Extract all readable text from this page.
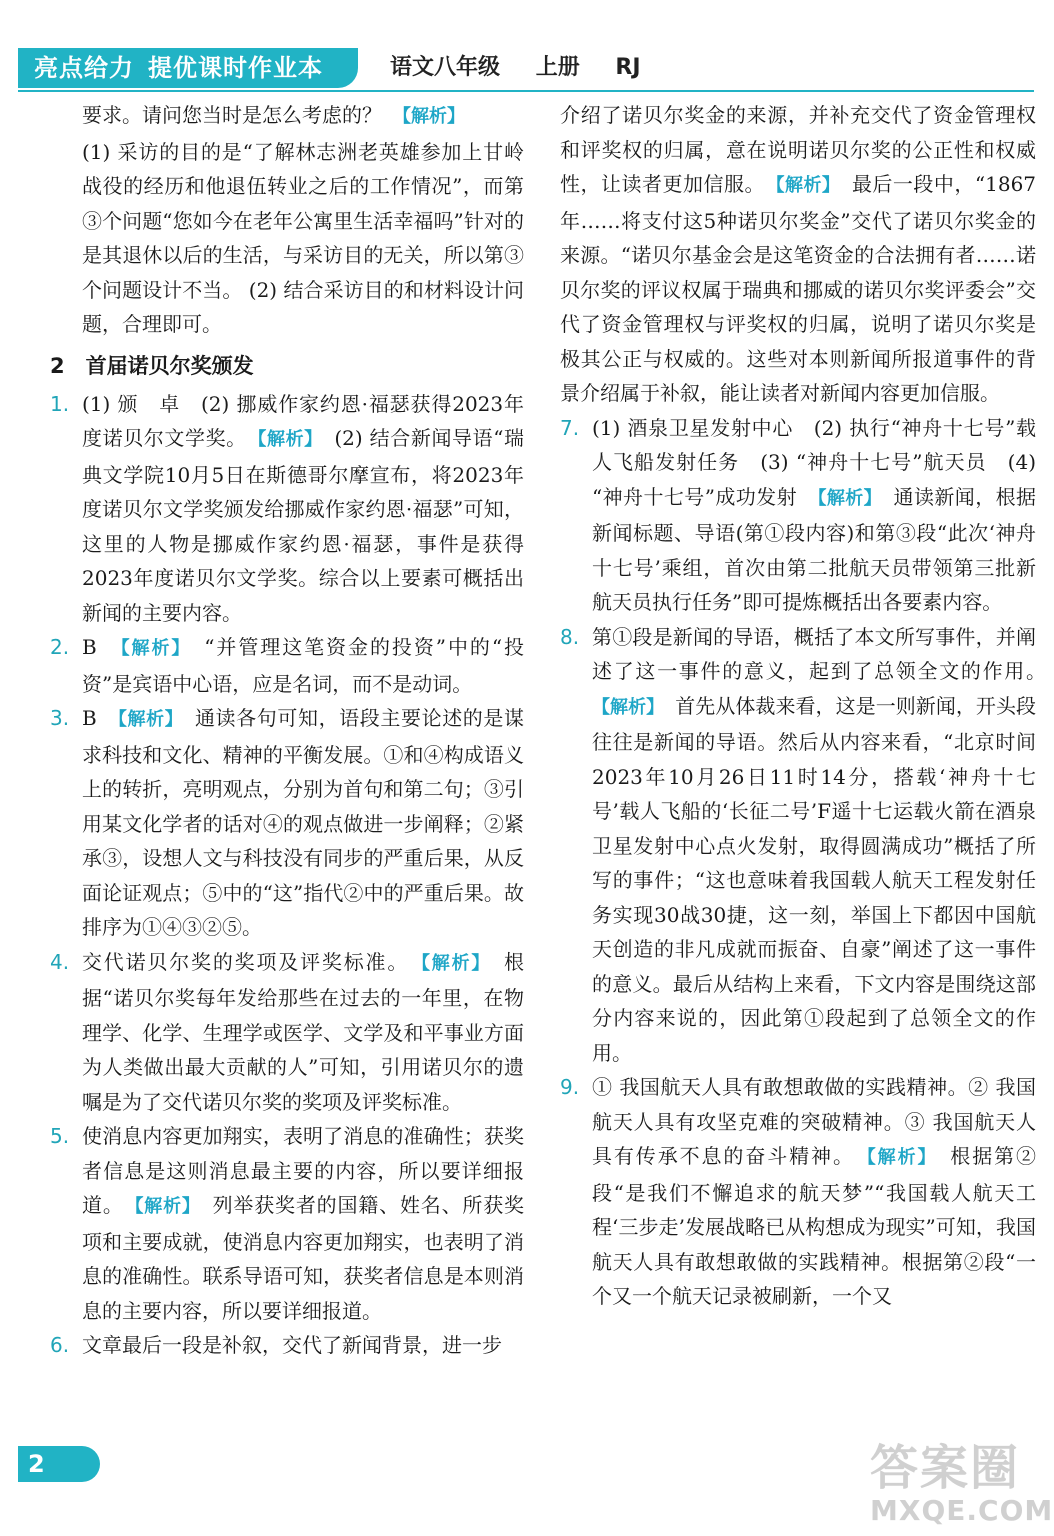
亮点给力 提优课时作业本	语文八年级 上册 RJ

要求。请问您当时是怎么考虑的？　 【解析】

(1) 采访的目的是“了解林志洲老英雄参加上甘岭战役的经历和他退伍转业之后的工作情况”，而第③个问题“您如今在老年公寓里生活幸福吗”针对的是其退休以后的生活，与采访目的无关，所以第③个问题设计不当。 (2) 结合采访目的和材料设计问题，合理即可。

2　首届诺贝尔奖颁发

1. (1) 颁　卓　(2) 挪威作家约恩·福瑟获得2023年度诺贝尔文学奖。　 【解析】　 (2) 结合新闻导语“瑞典文学院10月5日在斯德哥尔摩宣布，将2023年度诺贝尔文学奖颁发给挪威作家约恩·福瑟”可知，这里的人物是挪威作家约恩·福瑟，事件是获得2023年度诺贝尔文学奖。综合以上要素可概括出新闻的主要内容。

2. B　 【解析】　 “并管理这笔资金的投资”中的“投资”是宾语中心语，应是名词，而不是动词。

3. B　 【解析】　 通读各句可知，语段主要论述的是谋求科技和文化、精神的平衡发展。①和④构成语义上的转折，亮明观点，分别为首句和第二句；③引用某文化学者的话对④的观点做进一步阐释；②紧承③，设想人文与科技没有同步的严重后果，从反面论证观点；⑤中的“这”指代②中的严重后果。故排序为①④③②⑤。

4. 交代诺贝尔奖的奖项及评奖标准。　 【解析】　 根据“诺贝尔奖每年发给那些在过去的一年里，在物理学、化学、生理学或医学、文学及和平事业方面为人类做出最大贡献的人”可知，引用诺贝尔的遗嘱是为了交代诺贝尔奖的奖项及评奖标准。

5. 使消息内容更加翔实，表明了消息的准确性；获奖者信息是这则消息最主要的内容，所以要详细报道。　 【解析】　 列举获奖者的国籍、姓名、所获奖项和主要成就，使消息内容更加翔实，也表明了消息的准确性。联系导语可知，获奖者信息是本则消息的主要内容，所以要详细报道。

6. 文章最后一段是补叙，交代了新闻背景，进一步

介绍了诺贝尔奖金的来源，并补充交代了资金管理权和评奖权的归属，意在说明诺贝尔奖的公正性和权威性，让读者更加信服。　 【解析】　 最后一段中，“1867年……将支付这5种诺贝尔奖金”交代了诺贝尔奖金的来源。“诺贝尔基金会是这笔资金的合法拥有者……诺贝尔奖的评议权属于瑞典和挪威的诺贝尔奖评委会”交代了资金管理权与评奖权的归属，说明了诺贝尔奖是极其公正与权威的。这些对本则新闻所报道事件的背景介绍属于补叙，能让读者对新闻内容更加信服。

7. (1) 酒泉卫星发射中心　(2) 执行“神舟十七号”载人飞船发射任务　(3) “神舟十七号”航天员　(4) “神舟十七号”成功发射　 【解析】　 通读新闻，根据新闻标题、导语(第①段内容)和第③段“此次‘神舟十七号’乘组，首次由第二批航天员带领第三批新航天员执行任务”即可提炼概括出各要素内容。

8. 第①段是新闻的导语，概括了本文所写事件，并阐述了这一事件的意义，起到了总领全文的作用。　【解析】　 首先从体裁来看，这是一则新闻，开头段往往是新闻的导语。然后从内容来看，“北京时间2023年10月26日11时14分，搭载‘神舟十七号’载人飞船的‘长征二号’F遥十七运载火箭在酒泉卫星发射中心点火发射，取得圆满成功”概括了所写的事件；“这也意味着我国载人航天工程发射任务实现30战30捷，这一刻，举国上下都因中国航天创造的非凡成就而振奋、自豪”阐述了这一事件的意义。最后从结构上来看，下文内容是围绕这部分内容来说的，因此第①段起到了总领全文的作用。

9. ① 我国航天人具有敢想敢做的实践精神。② 我国航天人具有攻坚克难的突破精神。③ 我国航天人具有传承不息的奋斗精神。　 【解析】　 根据第②段“是我们不懈追求的航天梦”“我国载人航天工程‘三步走’发展战略已从构想成为现实”可知，我国航天人具有敢想敢做的实践精神。根据第②段“一个又一个航天记录被刷新，一个又

2	答案圈
MXQE.COM
